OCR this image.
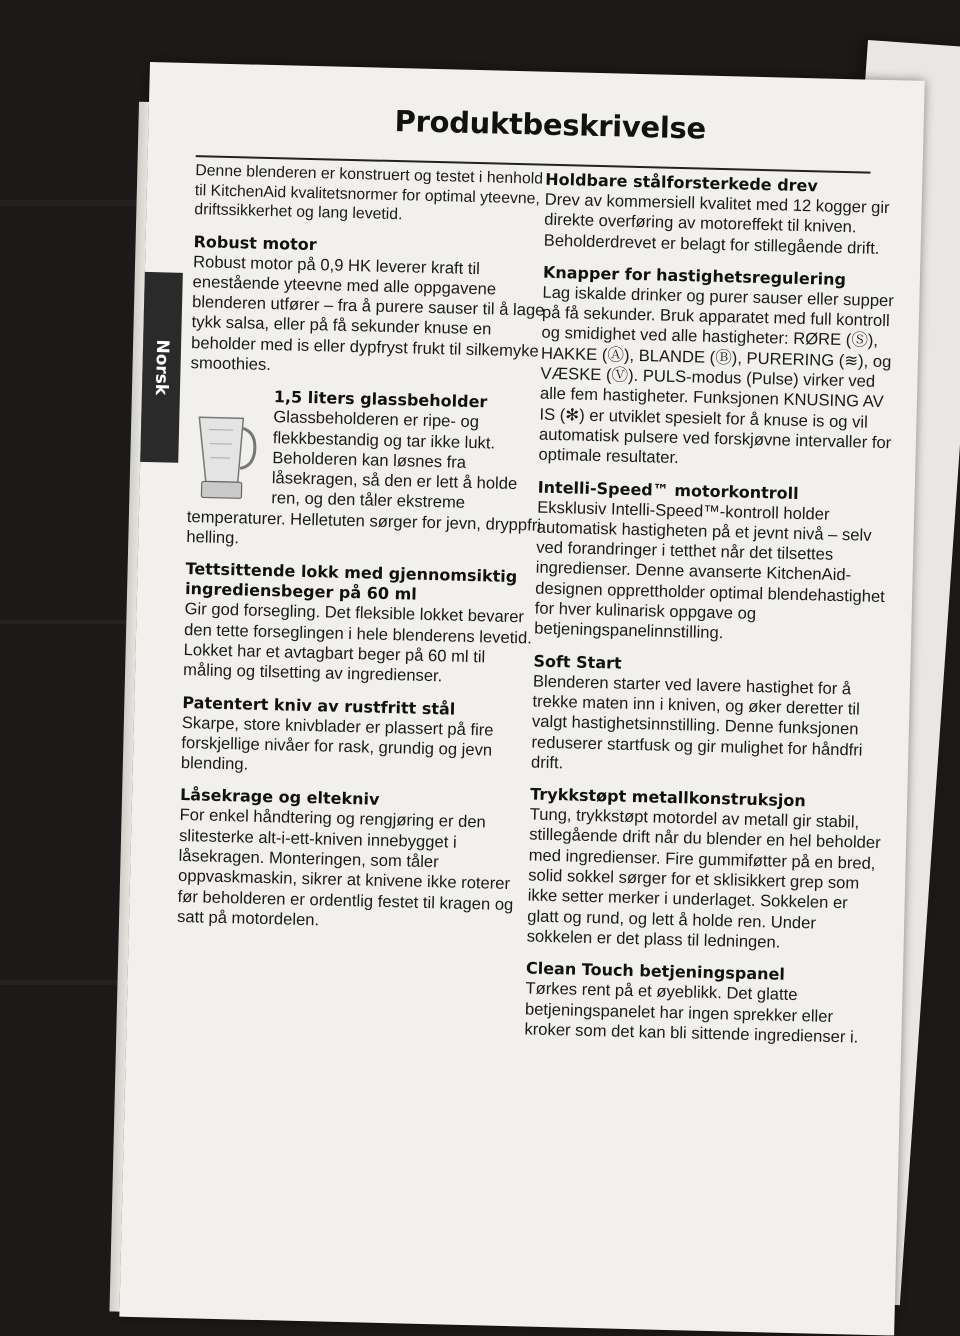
Produktbeskrivelse
Norsk

Denne blenderen er konstruert og testet i henhold til KitchenAid kvalitetsnormer for optimal yteevne, driftssikkerhet og lang levetid.

Robust motor

Robust motor på 0,9 HK leverer kraft til enestående yteevne med alle oppgavene blenderen utfører – fra å purere sauser til å lage tykk salsa, eller på få sekunder knuse en beholder med is eller dypfryst frukt til silkemyke smoothies.

1,5 liters glassbeholder

Glassbeholderen er ripe- og flekkbestandig og tar ikke lukt. Beholderen kan løsnes fra låsekragen, så den er lett å holde ren, og den tåler ekstreme temperaturer. Helletuten sørger for jevn, dryppfri helling.

Tettsittende lokk med gjennomsiktig ingrediensbeger på 60 ml

Gir god forsegling. Det fleksible lokket bevarer den tette forseglingen i hele blenderens levetid. Lokket har et avtagbart beger på 60 ml til måling og tilsetting av ingredienser.

Patentert kniv av rustfritt stål

Skarpe, store knivblader er plassert på fire forskjellige nivåer for rask, grundig og jevn blending.

Låsekrage og eltekniv

For enkel håndtering og rengjøring er den slitesterke alt-i-ett-kniven innebygget i låsekragen. Monteringen, som tåler oppvaskmaskin, sikrer at knivene ikke roterer før beholderen er ordentlig festet til kragen og satt på motordelen.

Holdbare stålforsterkede drev

Drev av kommersiell kvalitet med 12 kogger gir direkte overføring av motoreffekt til kniven. Beholderdrevet er belagt for stillegående drift.

Knapper for hastighetsregulering

Lag iskalde drinker og purer sauser eller supper på få sekunder. Bruk apparatet med full kontroll og smidighet ved alle hastigheter: RØRE (Ⓢ), HAKKE (Ⓐ), BLANDE (Ⓑ), PURERING (≋), og VÆSKE (Ⓥ). PULS-modus (Pulse) virker ved alle fem hastigheter. Funksjonen KNUSING AV IS (✻) er utviklet spesielt for å knuse is og vil automatisk pulsere ved forskjøvne intervaller for optimale resultater.

Intelli-Speed™ motorkontroll

Eksklusiv Intelli-Speed™-kontroll holder automatisk hastigheten på et jevnt nivå – selv ved forandringer i tetthet når det tilsettes ingredienser. Denne avanserte KitchenAid-designen opprettholder optimal blendehastighet for hver kulinarisk oppgave og betjeningspanelinnstilling.

Soft Start

Blenderen starter ved lavere hastighet for å trekke maten inn i kniven, og øker deretter til valgt hastighetsinnstilling. Denne funksjonen reduserer startfusk og gir mulighet for håndfri drift.

Trykkstøpt metallkonstruksjon

Tung, trykkstøpt motordel av metall gir stabil, stillegående drift når du blender en hel beholder med ingredienser. Fire gummiføtter på en bred, solid sokkel sørger for et sklisikkert grep som ikke setter merker i underlaget. Sokkelen er glatt og rund, og lett å holde ren. Under sokkelen er det plass til ledningen.

Clean Touch betjeningspanel

Tørkes rent på et øyeblikk. Det glatte betjeningspanelet har ingen sprekker eller kroker som det kan bli sittende ingredienser i.
